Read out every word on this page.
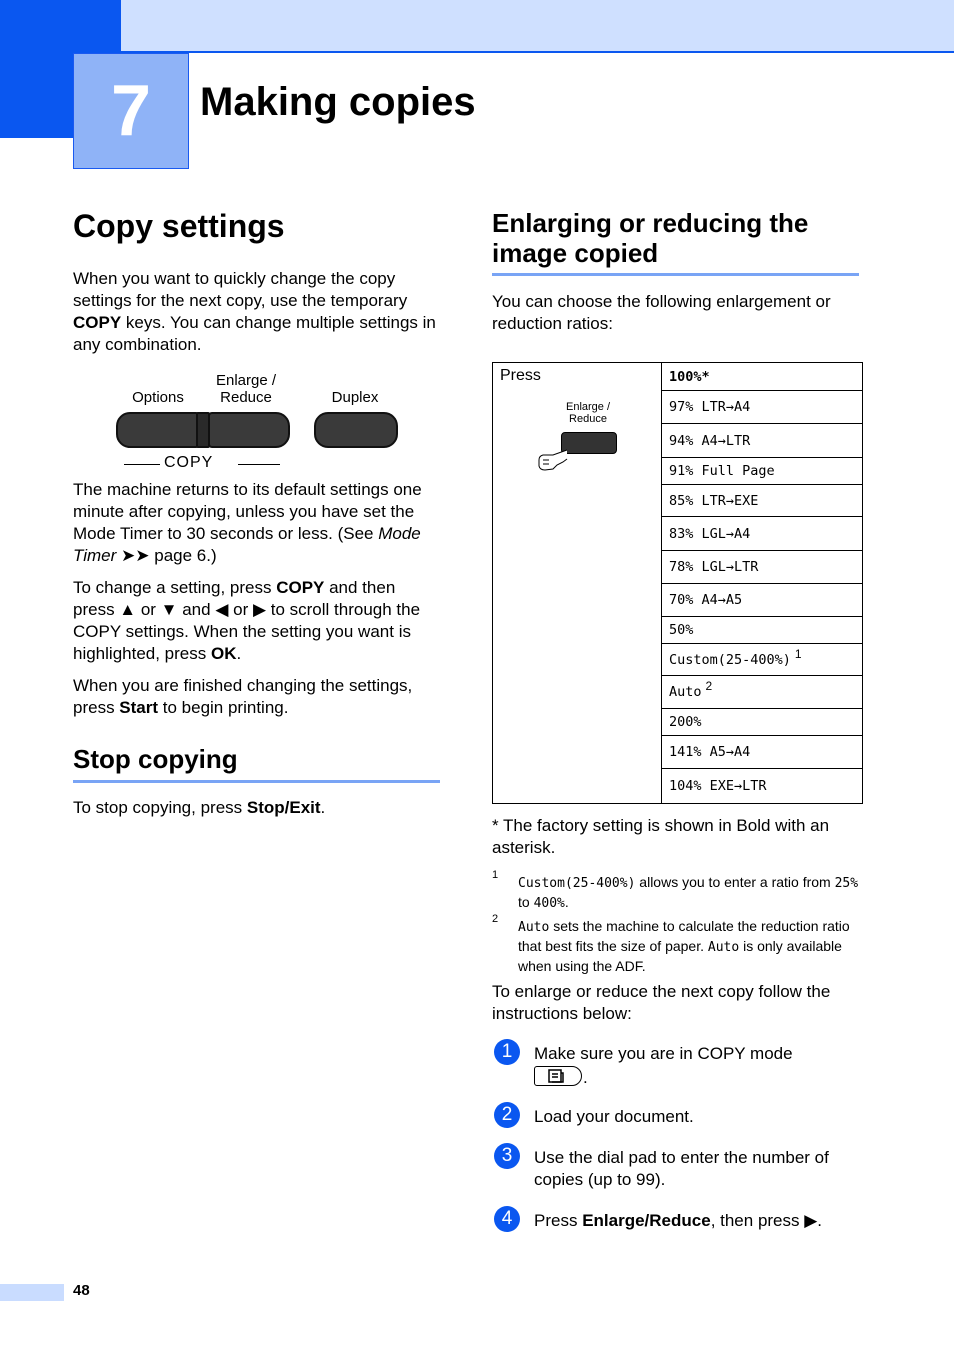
7 Making copies
Copy settings

When you want to quickly change the copy settings for the next copy, use the temporary COPY keys. You can change multiple settings in any combination.

Options
Enlarge /
Reduce	Duplex
COPY

The machine returns to its default settings one minute after copying, unless you have set the Mode Timer to 30 seconds or less. (See Mode Timer ➤➤ page 6.)

To change a setting, press COPY and then press ▲ or ▼ and ◀ or ▶ to scroll through the COPY settings. When the setting you want is highlighted, press OK.

When you are finished changing the settings, press Start to begin printing.

Stop copying

To stop copying, press Stop/Exit.

Enlarging or reducing the
image copied

You can choose the following enlargement or reduction ratios:

Press
Enlarge /
Reduce
100%*
97% LTR→A4
94% A4→LTR
91% Full Page
85% LTR→EXE
83% LGL→A4
78% LGL→LTR
70% A4→A5
50%
Custom(25-400%) $^1$
Auto $^2$
200%
141% A5→A4
104% EXE→LTR

* The factory setting is shown in Bold with an asterisk.

1

Custom(25-400%) allows you to enter a ratio from 25% to 400%.

2

Auto sets the machine to calculate the reduction ratio that best fits the size of paper. Auto is only available when using the ADF.

To enlarge or reduce the next copy follow the instructions below:

1	Make sure you are in COPY mode

.
2	Load your document.

3	Use the dial pad to enter the number of copies (up to 99).

4	Press Enlarge/Reduce, then press ▶.

48
